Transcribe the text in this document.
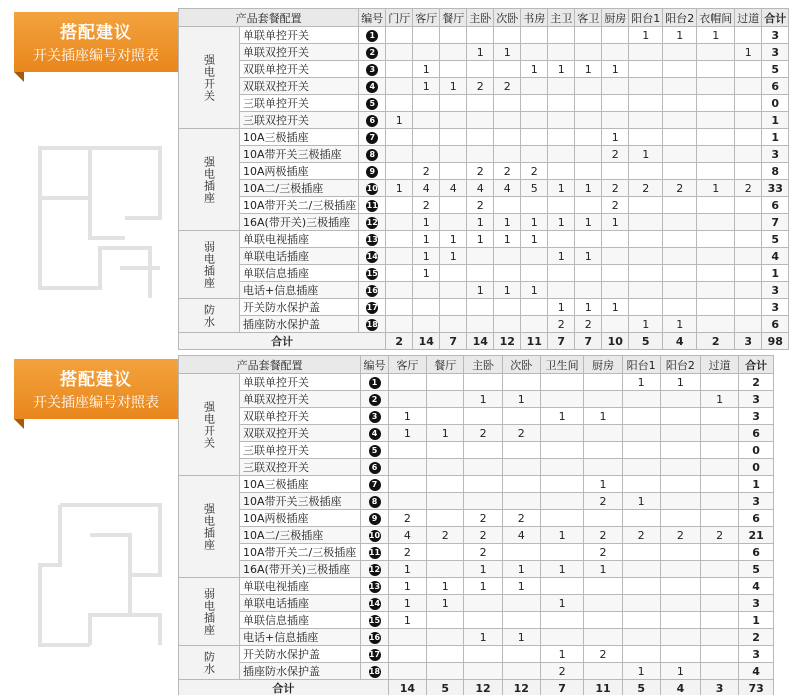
搭配建议
开关插座编号对照表
产品套餐配置		编号	门厅	客厅	餐厅	主卧	次卧	书房	主卫	客卫	厨房	阳台1	阳台2	衣帽间	过道	合计
强电开关	单联单控开关	1										1	1	1		3
	单联双控开关	2				1	1								1	3
	双联单控开关	3		1				1	1	1	1					5
	双联双控开关	4		1	1	2	2									6
	三联单控开关	5														0
	三联双控开关	6	1													1
强电插座	10A三极插座	7									1					1
	10A带开关三极插座	8									2	1				3
	10A两极插座	9		2		2	2	2								8
	10A二/三极插座	10	1	4	4	4	4	5	1	1	2	2	2	1	2	33
	10A带开关二/三极插座	11		2		2					2					6
	16A(带开关)三极插座	12		1		1	1	1	1	1	1					7
弱电插座	单联电视插座	13		1	1	1	1	1								5
	单联电话插座	14		1	1				1	1						4
	单联信息插座	15		1												1
	电话+信息插座	16				1	1	1								3
防水	开关防水保护盖	17							1	1	1					3
	插座防水保护盖	18							2	2		1	1			6
合计			2	14	7	14	12	11	7	7	10	5	4	2	3	98
搭配建议
开关插座编号对照表
产品套餐配置		编号	客厅	餐厅	主卧	次卧	卫生间	厨房	阳台1	阳台2	过道	合计
强电开关	单联单控开关	1							1	1		2
	单联双控开关	2			1	1					1	3
	双联单控开关	3	1				1	1				3
	双联双控开关	4	1	1	2	2						6
	三联单控开关	5										0
	三联双控开关	6										0
强电插座	10A三极插座	7						1				1
	10A带开关三极插座	8						2	1			3
	10A两极插座	9	2		2	2						6
	10A二/三极插座	10	4	2	2	4	1	2	2	2	2	21
	10A带开关二/三极插座	11	2		2			2				6
	16A(带开关)三极插座	12	1		1	1	1	1				5
弱电插座	单联电视插座	13	1	1	1	1						4
	单联电话插座	14	1	1			1					3
	单联信息插座	15	1									1
	电话+信息插座	16			1	1						2
防水	开关防水保护盖	17					1	2				3
	插座防水保护盖	18					2		1	1		4
合计			14	5	12	12	7	11	5	4	3	73
